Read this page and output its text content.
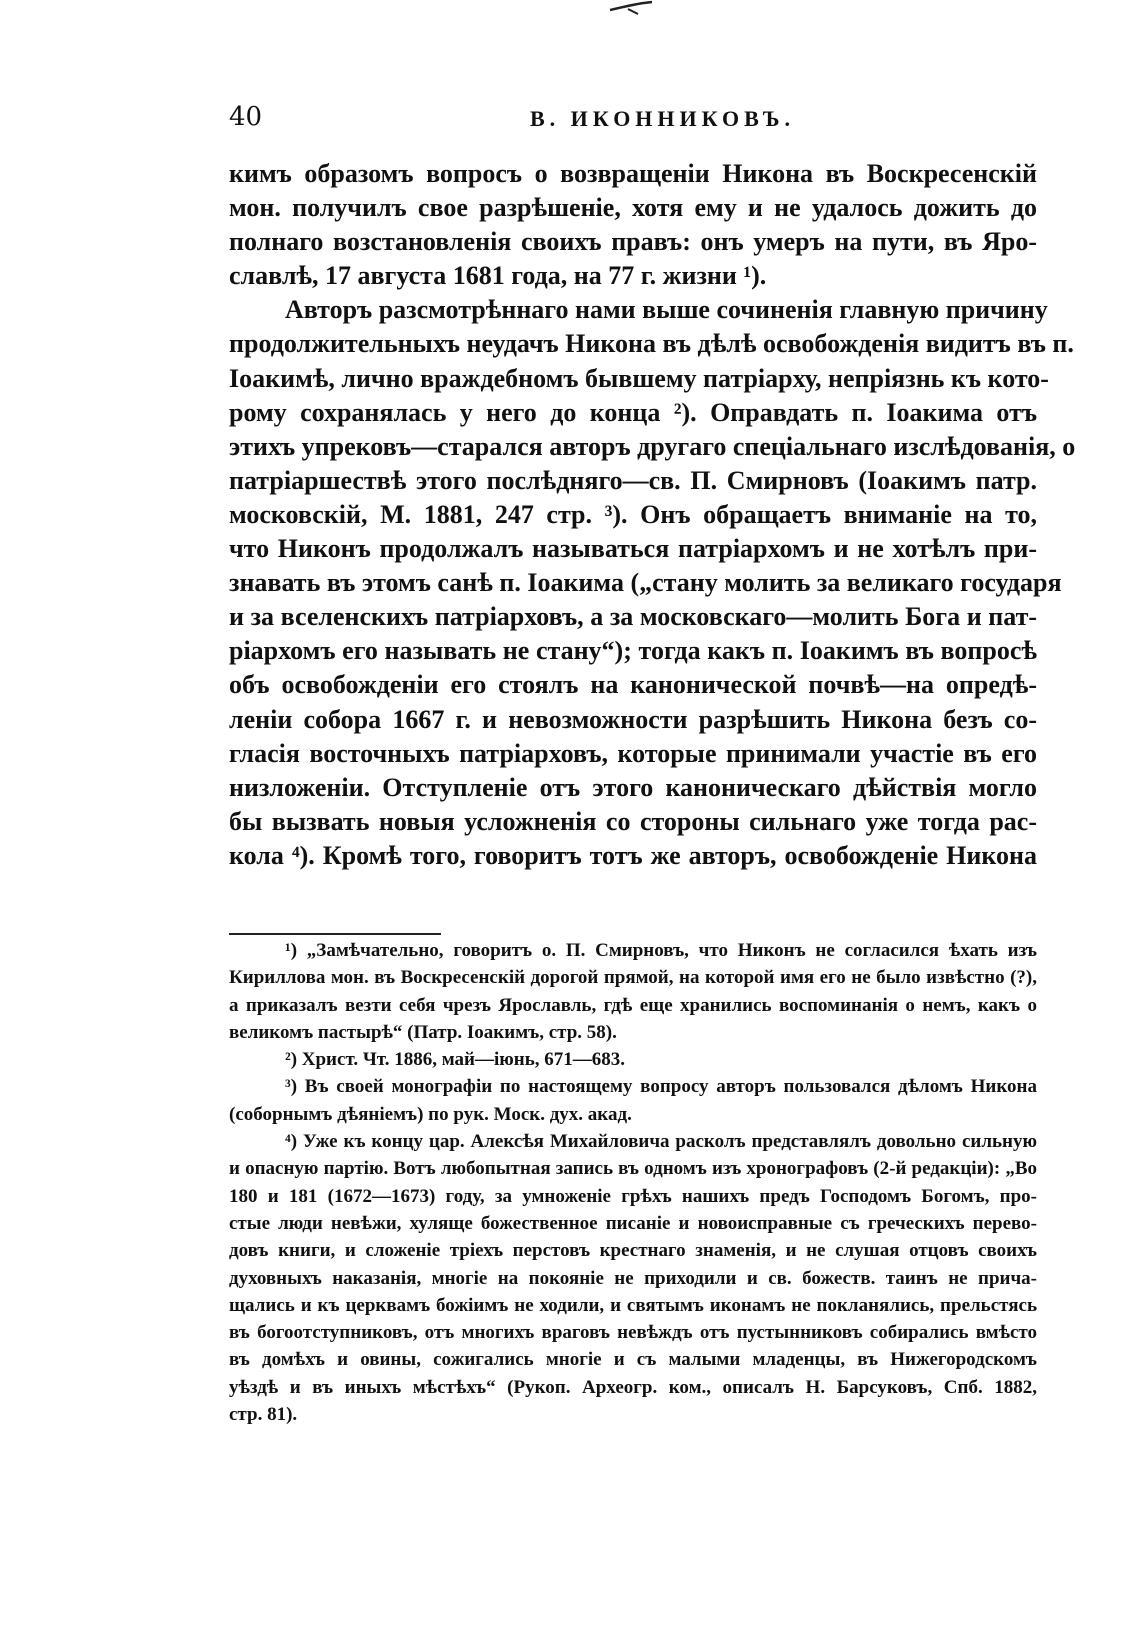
40	В. ИКОННИКОВЪ.
кимъ образомъ вопросъ о возвращеніи Никона въ Воскресенскій
мон. получилъ свое разрѣшеніе, хотя ему и не удалось дожить до
полнаго возстановленія своихъ правъ: онъ умеръ на пути, въ Яро-
славлѣ, 17 августа 1681 года, на 77 г. жизни ¹).
Авторъ разсмотрѣннаго нами выше сочиненія главную причину
продолжительныхъ неудачъ Никона въ дѣлѣ освобожденія видитъ въ п.
Іоакимѣ, лично враждебномъ бывшему патріарху, непріязнь къ кото-
рому сохранялась у него до конца ²). Оправдать п. Іоакима отъ
этихъ упрековъ—старался авторъ другаго спеціальнаго изслѣдованія, о
патріаршествѣ этого послѣдняго—св. П. Смирновъ (Іоакимъ патр.
московскій, М. 1881, 247 стр. ³). Онъ обращаетъ вниманіе на то,
что Никонъ продолжалъ называться патріархомъ и не хотѣлъ при-
знавать въ этомъ санѣ п. Іоакима („стану молить за великаго государя
и за вселенскихъ патріарховъ, а за московскаго—молить Бога и пат-
ріархомъ его называть не стану“); тогда какъ п. Іоакимъ въ вопросѣ
объ освобожденіи его стоялъ на канонической почвѣ—на опредѣ-
леніи собора 1667 г. и невозможности разрѣшить Никона безъ со-
гласія восточныхъ патріарховъ, которые принимали участіе въ его
низложеніи. Отступленіе отъ этого каноническаго дѣйствія могло
бы вызвать новыя усложненія со стороны сильнаго уже тогда рас-
кола ⁴). Кромѣ того, говоритъ тотъ же авторъ, освобожденіе Никона
¹) „Замѣчательно, говоритъ о. П. Смирновъ, что Никонъ не согласился ѣхать изъ
Кириллова мон. въ Воскресенскій дорогой прямой, на которой имя его не было извѣстно (?),
а приказалъ везти себя чрезъ Ярославль, гдѣ еще хранились воспоминанія о немъ, какъ о
великомъ пастырѣ“ (Патр. Іоакимъ, стр. 58).
²) Христ. Чт. 1886, май—іюнь, 671—683.
³) Въ своей монографіи по настоящему вопросу авторъ пользовался дѣломъ Никона
(соборнымъ дѣяніемъ) по рук. Моск. дух. акад.
⁴) Уже къ концу цар. Алексѣя Михайловича расколъ представлялъ довольно сильную
и опасную партію. Вотъ любопытная запись въ одномъ изъ хронографовъ (2-й редакціи): „Во
180 и 181 (1672—1673) году, за умноженіе грѣхъ нашихъ предъ Господомъ Богомъ, про-
стые люди невѣжи, хуляще божественное писаніе и новоисправные съ греческихъ перево-
довъ книги, и сложеніе тріехъ перстовъ крестнаго знаменія, и не слушая отцовъ своихъ
духовныхъ наказанія, многіе на покояніе не приходили и св. божеств. таинъ не прича-
щались и къ церквамъ божіимъ не ходили, и святымъ иконамъ не покланялись, прельстясь
въ богоотступниковъ, отъ многихъ враговъ невѣждъ отъ пустынниковъ собирались вмѣсто
въ домѣхъ и овины, сожигались многіе и съ малыми младенцы, въ Нижегородскомъ
уѣздѣ и въ иныхъ мѣстѣхъ“ (Рукоп. Археогр. ком., описалъ Н. Барсуковъ, Спб. 1882,
стр. 81).
